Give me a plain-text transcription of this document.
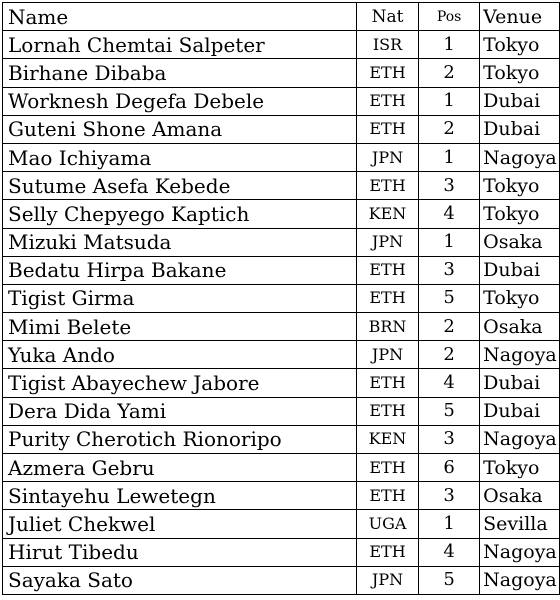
Name	Nat	Pos	Venue
Lornah Chemtai Salpeter	ISR	1	Tokyo
Birhane Dibaba	ETH	2	Tokyo
Worknesh Degefa Debele	ETH	1	Dubai
Guteni Shone Amana	ETH	2	Dubai
Mao Ichiyama	JPN	1	Nagoya
Sutume Asefa Kebede	ETH	3	Tokyo
Selly Chepyego Kaptich	KEN	4	Tokyo
Mizuki Matsuda	JPN	1	Osaka
Bedatu Hirpa Bakane	ETH	3	Dubai
Tigist Girma	ETH	5	Tokyo
Mimi Belete	BRN	2	Osaka
Yuka Ando	JPN	2	Nagoya
Tigist Abayechew Jabore	ETH	4	Dubai
Dera Dida Yami	ETH	5	Dubai
Purity Cherotich Rionoripo	KEN	3	Nagoya
Azmera Gebru	ETH	6	Tokyo
Sintayehu Lewetegn	ETH	3	Osaka
Juliet Chekwel	UGA	1	Sevilla
Hirut Tibedu	ETH	4	Nagoya
Sayaka Sato	JPN	5	Nagoya
